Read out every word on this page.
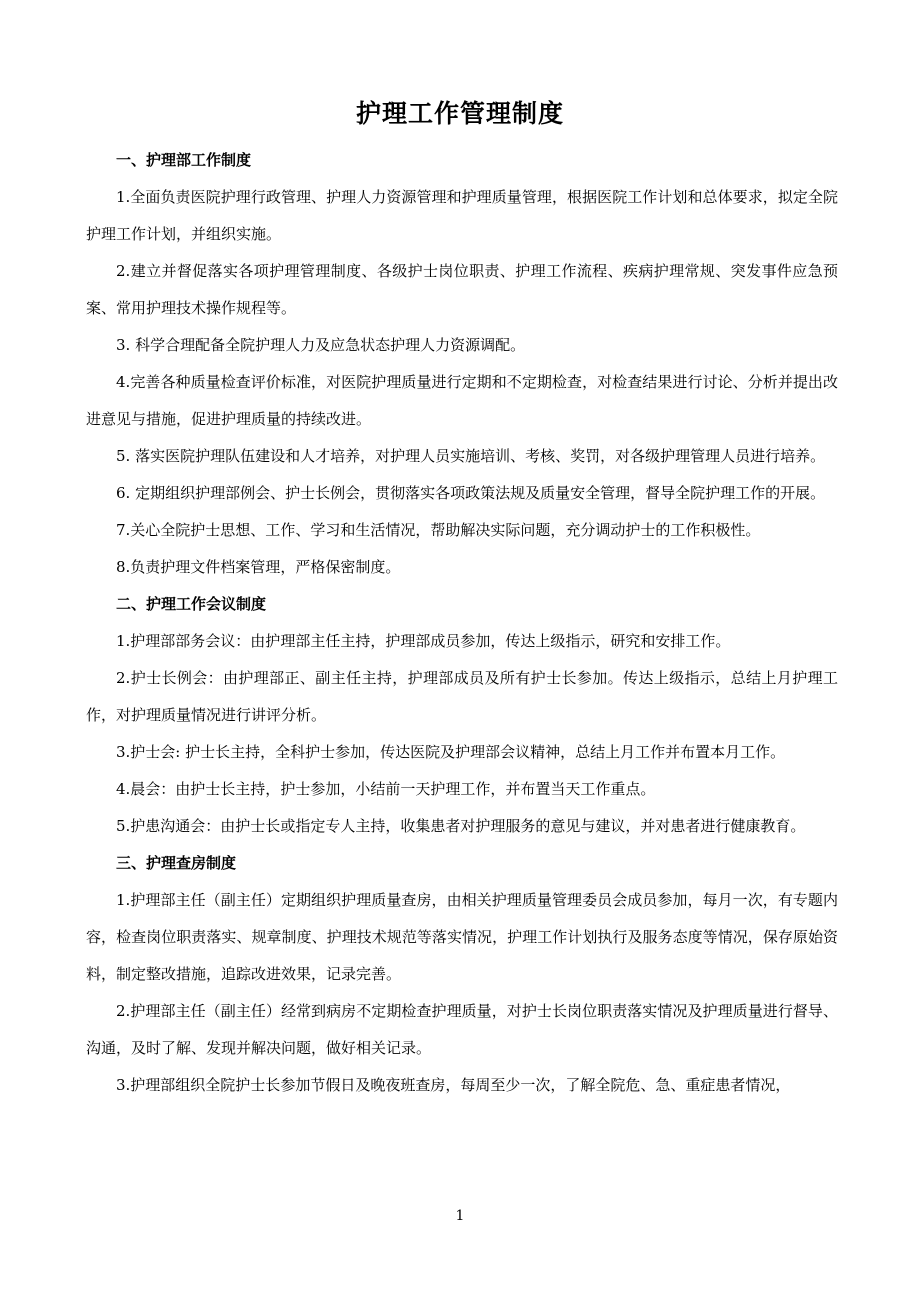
护理工作管理制度

一、护理部工作制度

1.全面负责医院护理行政管理、护理人力资源管理和护理质量管理，根据医院工作计划和总体要求，拟定全院护理工作计划，并组织实施。

2.建立并督促落实各项护理管理制度、各级护士岗位职责、护理工作流程、疾病护理常规、突发事件应急预案、常用护理技术操作规程等。

3. 科学合理配备全院护理人力及应急状态护理人力资源调配。

4.完善各种质量检查评价标准，对医院护理质量进行定期和不定期检查，对检查结果进行讨论、分析并提出改进意见与措施，促进护理质量的持续改进。

5. 落实医院护理队伍建设和人才培养，对护理人员实施培训、考核、奖罚，对各级护理管理人员进行培养。

6. 定期组织护理部例会、护士长例会，贯彻落实各项政策法规及质量安全管理，督导全院护理工作的开展。

7.关心全院护士思想、工作、学习和生活情况，帮助解决实际问题，充分调动护士的工作积极性。

8.负责护理文件档案管理，严格保密制度。

二、护理工作会议制度

1.护理部部务会议：由护理部主任主持，护理部成员参加，传达上级指示，研究和安排工作。

2.护士长例会：由护理部正、副主任主持，护理部成员及所有护士长参加。传达上级指示，总结上月护理工作，对护理质量情况进行讲评分析。

3.护士会: 护士长主持，全科护士参加，传达医院及护理部会议精神，总结上月工作并布置本月工作。

4.晨会：由护士长主持，护士参加，小结前一天护理工作，并布置当天工作重点。

5.护患沟通会：由护士长或指定专人主持，收集患者对护理服务的意见与建议，并对患者进行健康教育。

三、护理查房制度

1.护理部主任（副主任）定期组织护理质量查房，由相关护理质量管理委员会成员参加，每月一次，有专题内容，检查岗位职责落实、规章制度、护理技术规范等落实情况，护理工作计划执行及服务态度等情况，保存原始资料，制定整改措施，追踪改进效果，记录完善。

2.护理部主任（副主任）经常到病房不定期检查护理质量，对护士长岗位职责落实情况及护理质量进行督导、沟通，及时了解、发现并解决问题，做好相关记录。

3.护理部组织全院护士长参加节假日及晚夜班查房，每周至少一次，了解全院危、急、重症患者情况，

1
